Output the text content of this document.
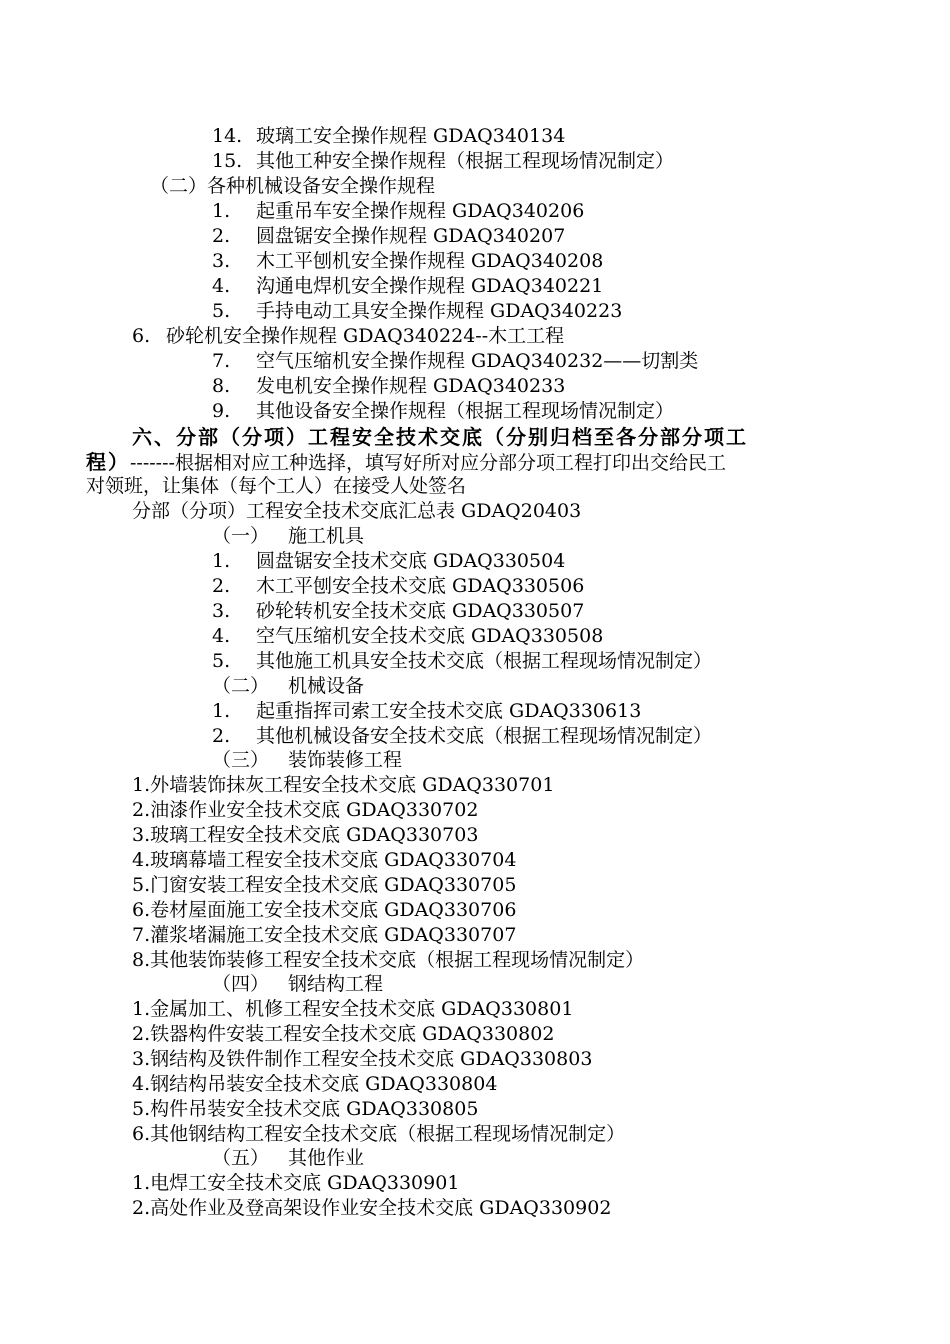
14. 玻璃工安全操作规程 GDAQ340134
15. 其他工种安全操作规程（根据工程现场情况制定）
（二）各种机械设备安全操作规程
1. 起重吊车安全操作规程 GDAQ340206
2. 圆盘锯安全操作规程 GDAQ340207
3. 木工平刨机安全操作规程 GDAQ340208
4. 沟通电焊机安全操作规程 GDAQ340221
5. 手持电动工具安全操作规程 GDAQ340223
6. 砂轮机安全操作规程 GDAQ340224--木工工程
7. 空气压缩机安全操作规程 GDAQ340232——切割类
8. 发电机安全操作规程 GDAQ340233
9. 其他设备安全操作规程（根据工程现场情况制定）
六、分部（分项）工程安全技术交底（分别归档至各分部分项工
程）-------根据相对应工种选择，填写好所对应分部分项工程打印出交给民工
对领班，让集体（每个工人）在接受人处签名
分部（分项）工程安全技术交底汇总表 GDAQ20403
（一） 施工机具
1. 圆盘锯安全技术交底 GDAQ330504
2. 木工平刨安全技术交底 GDAQ330506
3. 砂轮转机安全技术交底 GDAQ330507
4. 空气压缩机安全技术交底 GDAQ330508
5. 其他施工机具安全技术交底（根据工程现场情况制定）
（二） 机械设备
1. 起重指挥司索工安全技术交底 GDAQ330613
2. 其他机械设备安全技术交底（根据工程现场情况制定）
（三） 装饰装修工程
1.外墙装饰抹灰工程安全技术交底 GDAQ330701
2.油漆作业安全技术交底 GDAQ330702
3.玻璃工程安全技术交底 GDAQ330703
4.玻璃幕墙工程安全技术交底 GDAQ330704
5.门窗安装工程安全技术交底 GDAQ330705
6.卷材屋面施工安全技术交底 GDAQ330706
7.灌浆堵漏施工安全技术交底 GDAQ330707
8.其他装饰装修工程安全技术交底（根据工程现场情况制定）
（四） 钢结构工程
1.金属加工、机修工程安全技术交底 GDAQ330801
2.铁器构件安装工程安全技术交底 GDAQ330802
3.钢结构及铁件制作工程安全技术交底 GDAQ330803
4.钢结构吊装安全技术交底 GDAQ330804
5.构件吊装安全技术交底 GDAQ330805
6.其他钢结构工程安全技术交底（根据工程现场情况制定）
（五） 其他作业
1.电焊工安全技术交底 GDAQ330901
2.高处作业及登高架设作业安全技术交底 GDAQ330902
